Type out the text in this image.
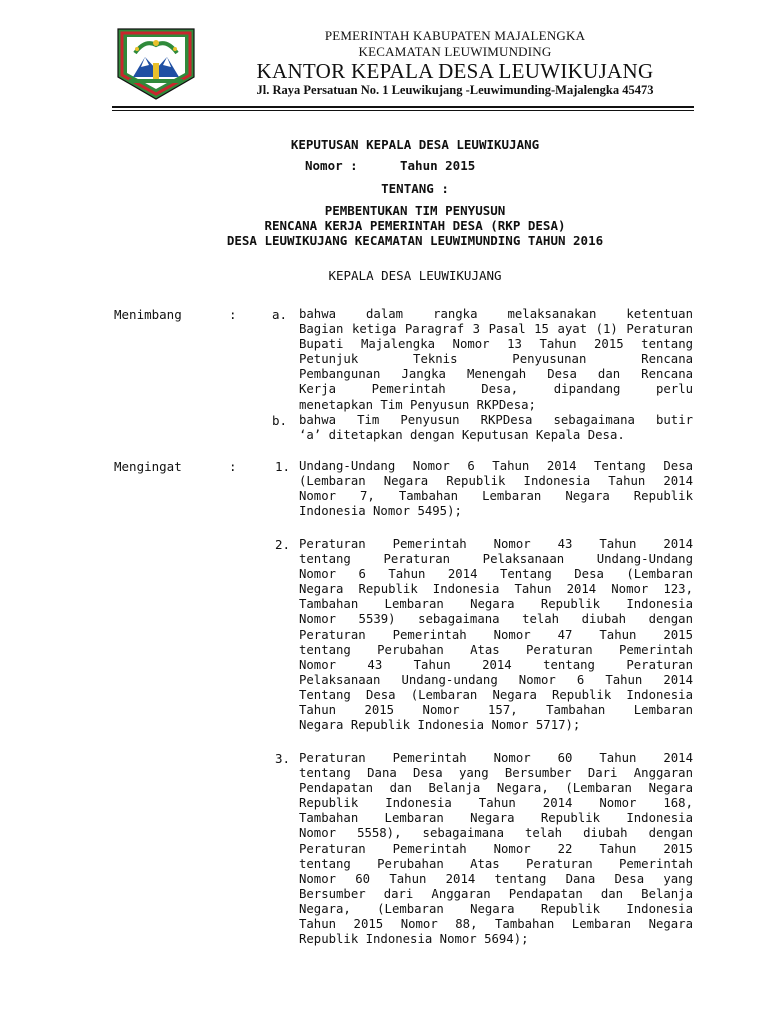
PEMERINTAH KABUPATEN MAJALENGKA
KECAMATAN LEUWIMUNDING
KANTOR KEPALA DESA LEUWIKUJANG
Jl. Raya Persatuan No. 1 Leuwikujang -Leuwimunding-Majalengka 45473
KEPUTUSAN KEPALA DESA LEUWIKUJANG
Nomor :	Tahun 2015
TENTANG :
PEMBENTUKAN TIM PENYUSUN
RENCANA KERJA PEMERINTAH DESA (RKP DESA)
DESA LEUWIKUJANG KECAMATAN LEUWIMUNDING TAHUN 2016
KEPALA DESA LEUWIKUJANG
Menimbang	:	a. bahwa dalam rangka melaksanakan ketentuan
Bagian ketiga Paragraf 3 Pasal 15 ayat (1) Peraturan
Bupati Majalengka Nomor 13 Tahun 2015 tentang
Petunjuk Teknis Penyusunan Rencana
Pembangunan Jangka Menengah Desa dan Rencana
Kerja Pemerintah Desa, dipandang perlu
menetapkan Tim Penyusun RKPDesa;
b. bahwa Tim Penyusun RKPDesa sebagaimana butir
‘a’ ditetapkan dengan Keputusan Kepala Desa.
Mengingat	:	1. Undang-Undang Nomor 6 Tahun 2014 Tentang Desa
(Lembaran Negara Republik Indonesia Tahun 2014
Nomor 7, Tambahan Lembaran Negara Republik
Indonesia Nomor 5495);
2. Peraturan Pemerintah Nomor 43 Tahun 2014
tentang Peraturan Pelaksanaan Undang-Undang
Nomor 6 Tahun 2014 Tentang Desa (Lembaran
Negara Republik Indonesia Tahun 2014 Nomor 123,
Tambahan Lembaran Negara Republik Indonesia
Nomor 5539) sebagaimana telah diubah dengan
Peraturan Pemerintah Nomor 47 Tahun 2015
tentang Perubahan Atas Peraturan Pemerintah
Nomor 43 Tahun 2014 tentang Peraturan
Pelaksanaan Undang-undang Nomor 6 Tahun 2014
Tentang Desa (Lembaran Negara Republik Indonesia
Tahun 2015 Nomor 157, Tambahan Lembaran
Negara Republik Indonesia Nomor 5717);
3. Peraturan Pemerintah Nomor 60 Tahun 2014
tentang Dana Desa yang Bersumber Dari Anggaran
Pendapatan dan Belanja Negara, (Lembaran Negara
Republik Indonesia Tahun 2014 Nomor 168,
Tambahan Lembaran Negara Republik Indonesia
Nomor 5558), sebagaimana telah diubah dengan
Peraturan Pemerintah Nomor 22 Tahun 2015
tentang Perubahan Atas Peraturan Pemerintah
Nomor 60 Tahun 2014 tentang Dana Desa yang
Bersumber dari Anggaran Pendapatan dan Belanja
Negara, (Lembaran Negara Republik Indonesia
Tahun 2015 Nomor 88, Tambahan Lembaran Negara
Republik Indonesia Nomor 5694);
